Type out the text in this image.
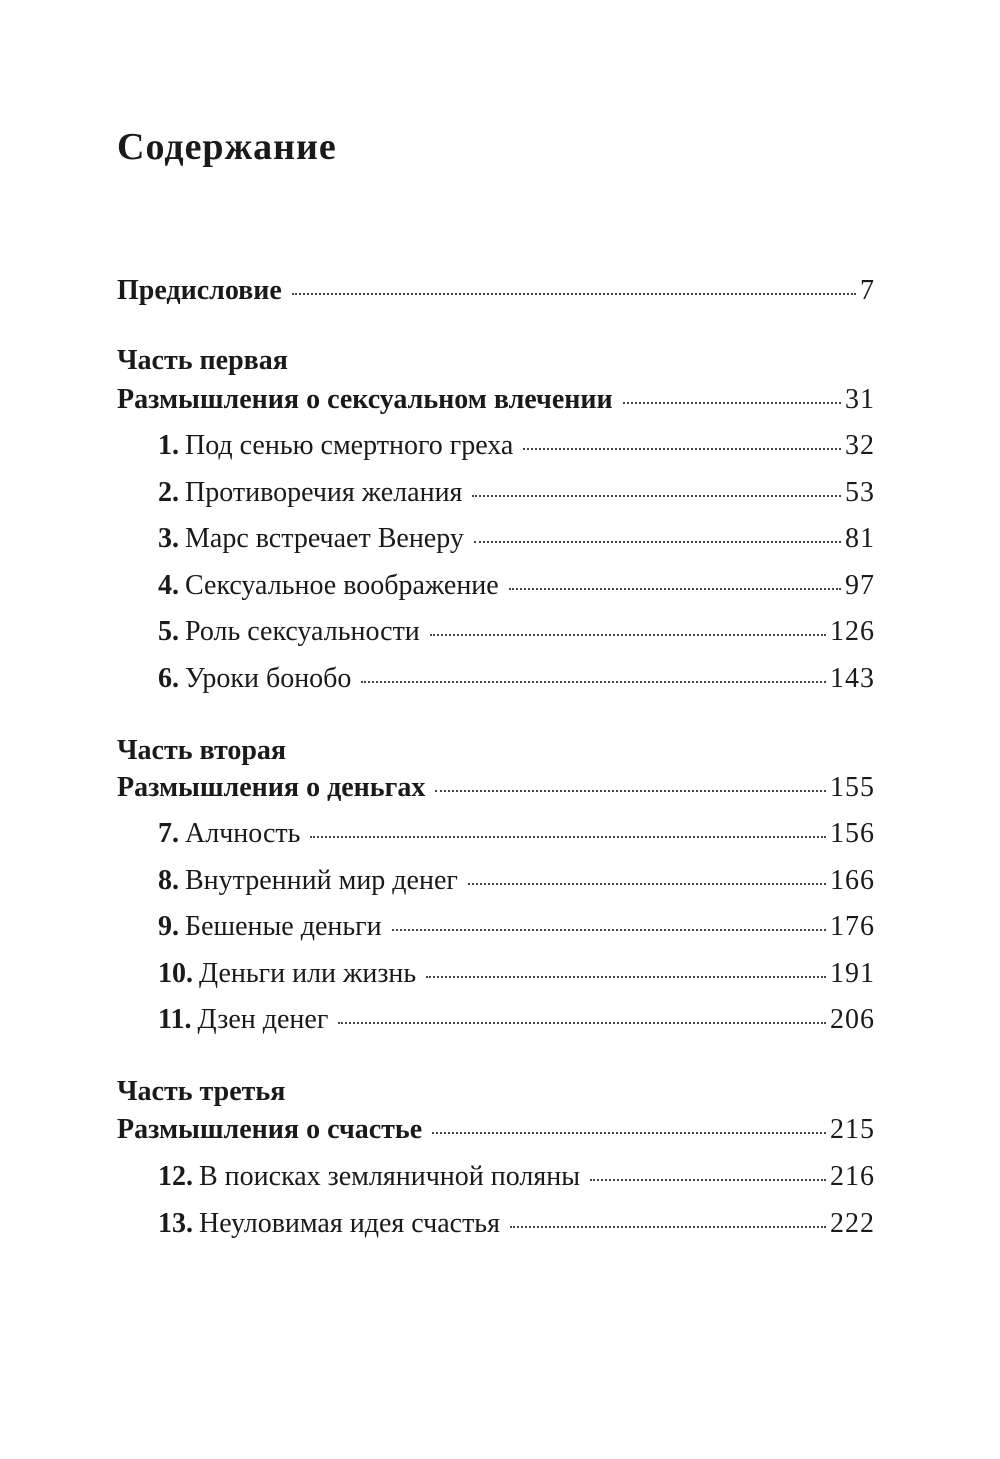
Содержание
Предисловие	7
Часть первая
Размышления о сексуальном влечении	31
1. Под сенью смертного греха	32
2. Противоречия желания	53
3. Марс встречает Венеру	81
4. Сексуальное воображение	97
5. Роль сексуальности	126
6. Уроки бонобо	143
Часть вторая
Размышления о деньгах	155
7. Алчность	156
8. Внутренний мир денег	166
9. Бешеные деньги	176
10. Деньги или жизнь	191
11. Дзен денег	206
Часть третья
Размышления о счастье	215
12. В поисках земляничной поляны	216
13. Неуловимая идея счастья	222
